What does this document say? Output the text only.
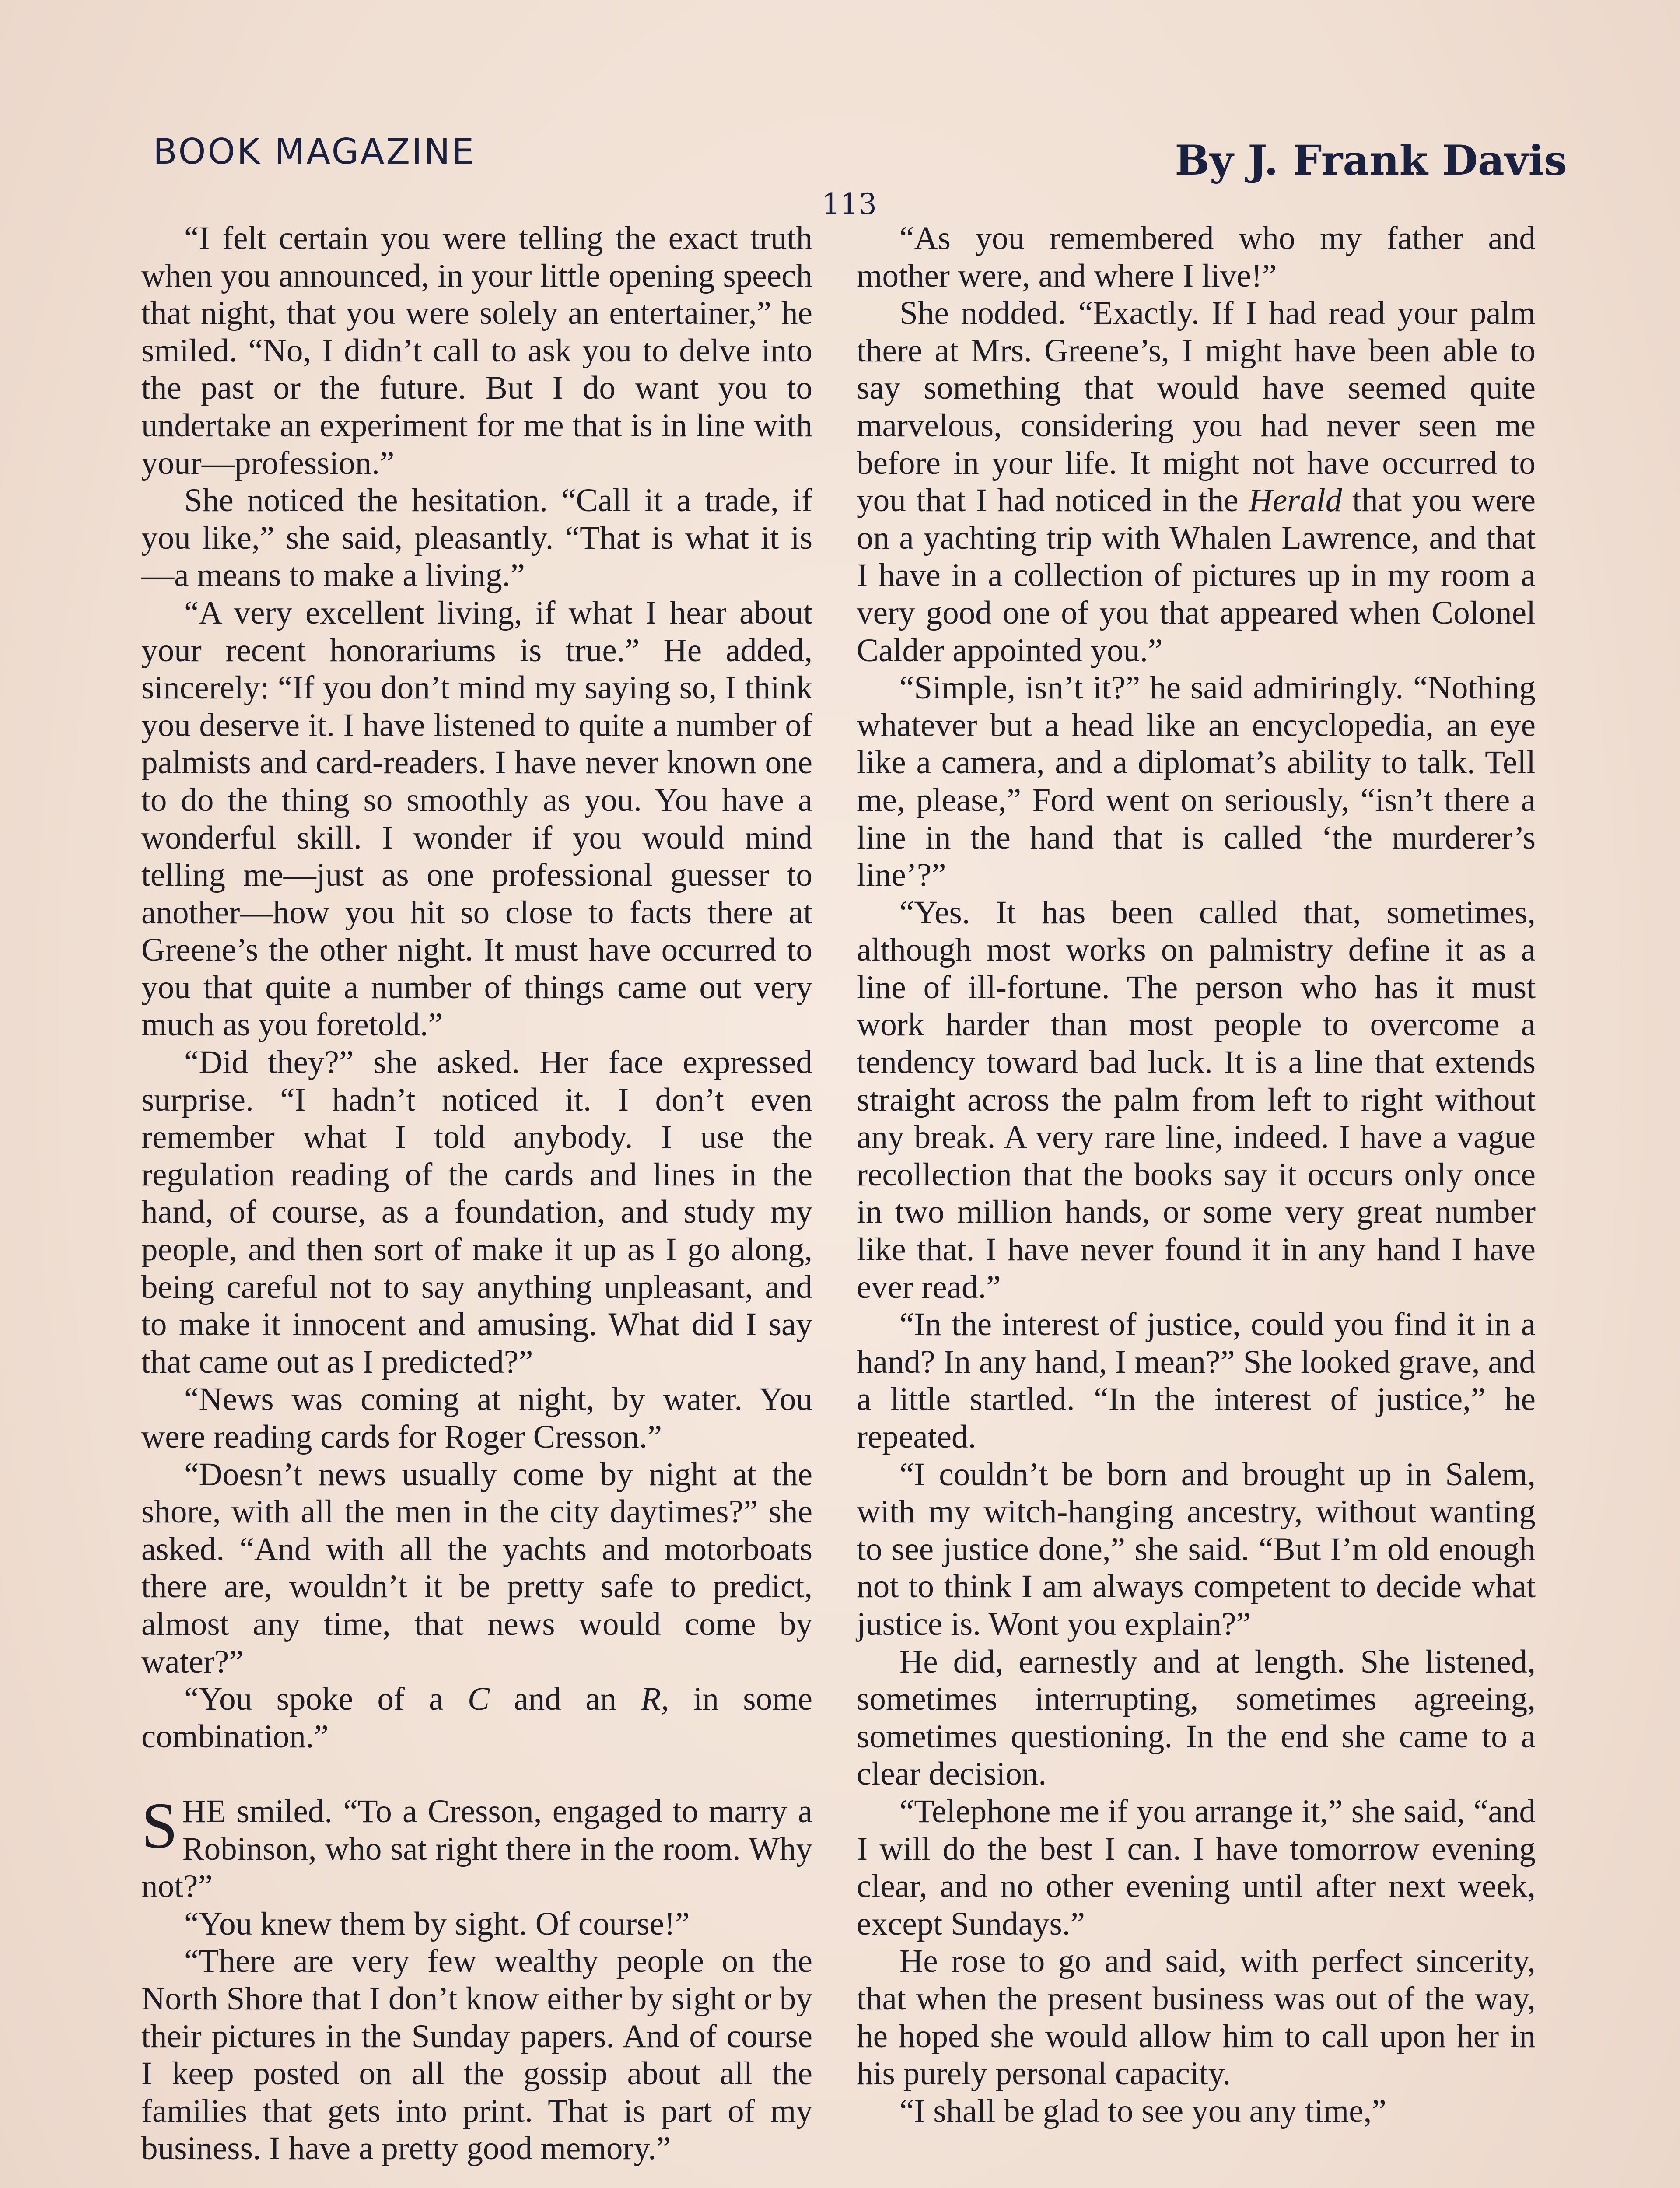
BOOK MAGAZINE	By J. Frank Davis
113

“I felt certain you were telling the exact truth when you announced, in your little opening speech that night, that you were solely an entertainer,” he smiled. “No, I didn’t call to ask you to delve into the past or the future. But I do want you to undertake an experiment for me that is in line with your—profession.”

She noticed the hesitation. “Call it a trade, if you like,” she said, pleasantly. “That is what it is—a means to make a living.”

“A very excellent living, if what I hear about your recent honorariums is true.” He added, sincerely: “If you don’t mind my saying so, I think you deserve it. I have listened to quite a number of palmists and card-readers. I have never known one to do the thing so smoothly as you. You have a wonderful skill. I wonder if you would mind telling me—just as one professional guesser to another—how you hit so close to facts there at Greene’s the other night. It must have occurred to you that quite a number of things came out very much as you foretold.”

“Did they?” she asked. Her face expressed surprise. “I hadn’t noticed it. I don’t even remember what I told anybody. I use the regulation reading of the cards and lines in the hand, of course, as a foundation, and study my people, and then sort of make it up as I go along, being careful not to say anything unpleasant, and to make it innocent and amusing. What did I say that came out as I predicted?”

“News was coming at night, by water. You were reading cards for Roger Cresson.”

“Doesn’t news usually come by night at the shore, with all the men in the city daytimes?” she asked. “And with all the yachts and motorboats there are, wouldn’t it be pretty safe to predict, almost any time, that news would come by water?”

“You spoke of a C and an R, in some combination.”

SHE smiled. “To a Cresson, engaged to marry a Robinson, who sat right there in the room. Why not?”

“You knew them by sight. Of course!”

“There are very few wealthy people on the North Shore that I don’t know either by sight or by their pictures in the Sunday papers. And of course I keep posted on all the gossip about all the families that gets into print. That is part of my business. I have a pretty good memory.”

“As you remembered who my father and mother were, and where I live!”

She nodded. “Exactly. If I had read your palm there at Mrs. Greene’s, I might have been able to say something that would have seemed quite marvelous, considering you had never seen me before in your life. It might not have occurred to you that I had noticed in the Herald that you were on a yachting trip with Whalen Lawrence, and that I have in a collection of pictures up in my room a very good one of you that appeared when Colonel Calder appointed you.”

“Simple, isn’t it?” he said admiringly. “Nothing whatever but a head like an encyclopedia, an eye like a camera, and a diplomat’s ability to talk. Tell me, please,” Ford went on seriously, “isn’t there a line in the hand that is called ‘the murderer’s line’?”

“Yes. It has been called that, sometimes, although most works on palmistry define it as a line of ill-fortune. The person who has it must work harder than most people to overcome a tendency toward bad luck. It is a line that extends straight across the palm from left to right without any break. A very rare line, indeed. I have a vague recollection that the books say it occurs only once in two million hands, or some very great number like that. I have never found it in any hand I have ever read.”

“In the interest of justice, could you find it in a hand? In any hand, I mean?” She looked grave, and a little startled. “In the interest of justice,” he repeated.

“I couldn’t be born and brought up in Salem, with my witch-hanging ancestry, without wanting to see justice done,” she said. “But I’m old enough not to think I am always competent to decide what justice is. Wont you explain?”

He did, earnestly and at length. She listened, sometimes interrupting, sometimes agreeing, sometimes questioning. In the end she came to a clear decision.

“Telephone me if you arrange it,” she said, “and I will do the best I can. I have tomorrow evening clear, and no other evening until after next week, except Sundays.”

He rose to go and said, with perfect sincerity, that when the present business was out of the way, he hoped she would allow him to call upon her in his purely personal capacity.

“I shall be glad to see you any time,”
